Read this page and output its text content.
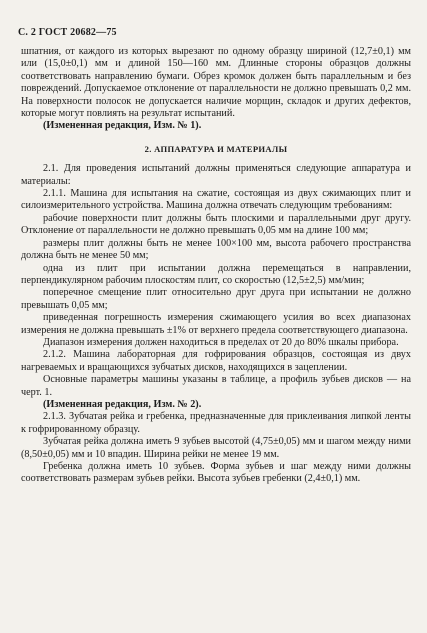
С. 2 ГОСТ 20682—75

шпатния, от каждого из которых вырезают по одному образцу шириной (12,7±0,1) мм или (15,0±0,1) мм и длиной 150—160 мм. Длинные стороны образцов должны соответствовать направлению бумаги. Обрез кромок должен быть параллельным и без повреждений. Допускаемое отклонение от параллельности не должно превышать 0,2 мм. На поверхности полосок не допускается наличие морщин, складок и других дефектов, которые могут повлиять на результат испытаний.

(Измененная редакция, Изм. № 1).

2. АППАРАТУРА И МАТЕРИАЛЫ

2.1. Для проведения испытаний должны применяться следующие аппаратура и материалы:

2.1.1. Машина для испытания на сжатие, состоящая из двух сжимающих плит и силоизмерительного устройства. Машина должна отвечать следующим требованиям:

рабочие поверхности плит должны быть плоскими и параллельными друг другу. Отклонение от параллельности не должно превышать 0,05 мм на длине 100 мм;

размеры плит должны быть не менее 100×100 мм, высота рабочего пространства должна быть не менее 50 мм;

одна из плит при испытании должна перемещаться в направлении, перпендикулярном рабочим плоскостям плит, со скоростью (12,5±2,5) мм/мин;

поперечное смещение плит относительно друг друга при испытании не должно превышать 0,05 мм;

приведенная погрешность измерения сжимающего усилия во всех диапазонах измерения не должна превышать ±1% от верхнего предела соответствующего диапазона.

Диапазон измерения должен находиться в пределах от 20 до 80% шкалы прибора.

2.1.2. Машина лабораторная для гофрирования образцов, состоящая из двух нагреваемых и вращающихся зубчатых дисков, находящихся в зацеплении.

Основные параметры машины указаны в таблице, а профиль зубьев дисков — на черт. 1.

(Измененная редакция, Изм. № 2).

2.1.3. Зубчатая рейка и гребенка, предназначенные для приклеивания липкой ленты к гофрированному образцу.

Зубчатая рейка должна иметь 9 зубьев высотой (4,75±0,05) мм и шагом между ними (8,50±0,05) мм и 10 впадин. Ширина рейки не менее 19 мм.

Гребенка должна иметь 10 зубьев. Форма зубьев и шаг между ними должны соответствовать размерам зубьев рейки. Высота зубьев гребенки (2,4±0,1) мм.
